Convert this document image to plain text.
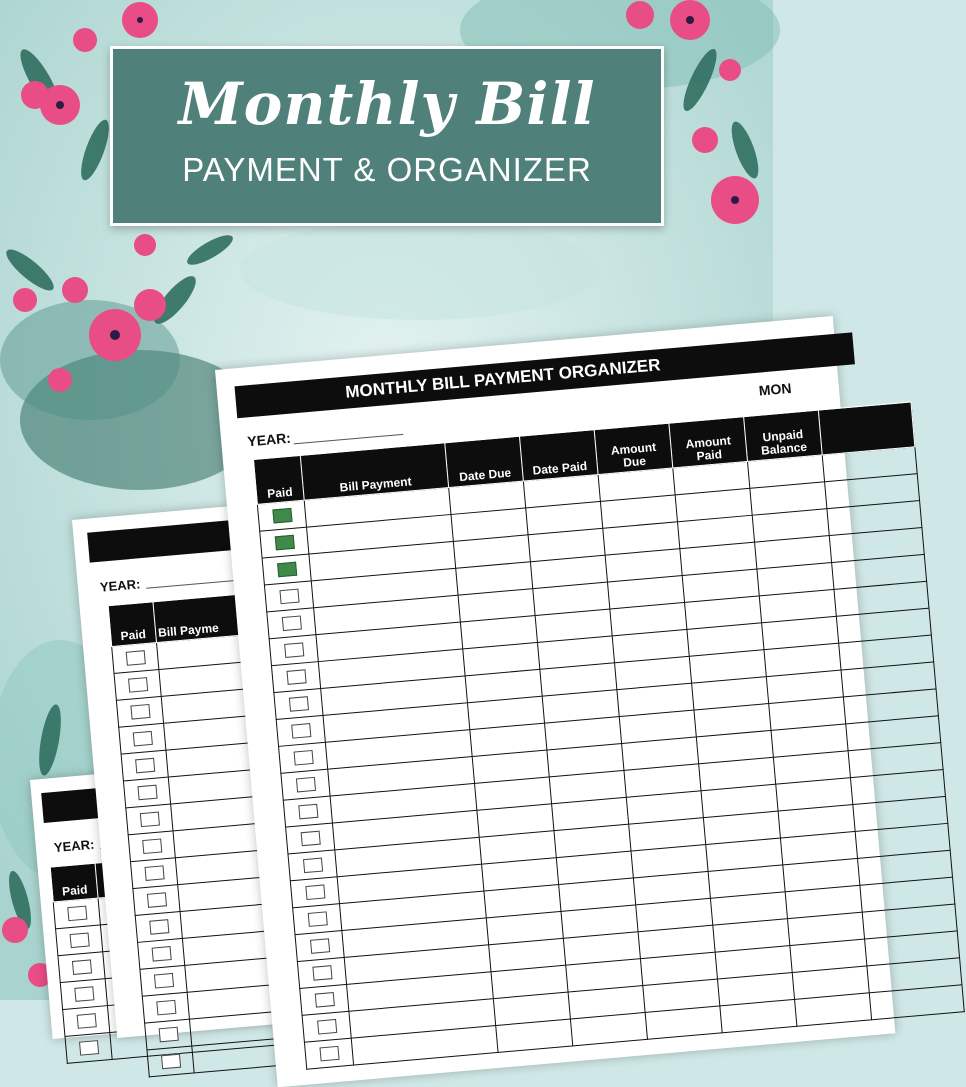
Monthly Bill
PAYMENT & ORGANIZER
YEAR:
Paid	

YEAR:
Paid	Bill Payme

MONTHLY BILL PAYMENT ORGANIZER	MON
YEAR:
Paid	Bill Payment	Date Due	Date Paid	Amount Due	Amount Paid	Unpaid Balance	
